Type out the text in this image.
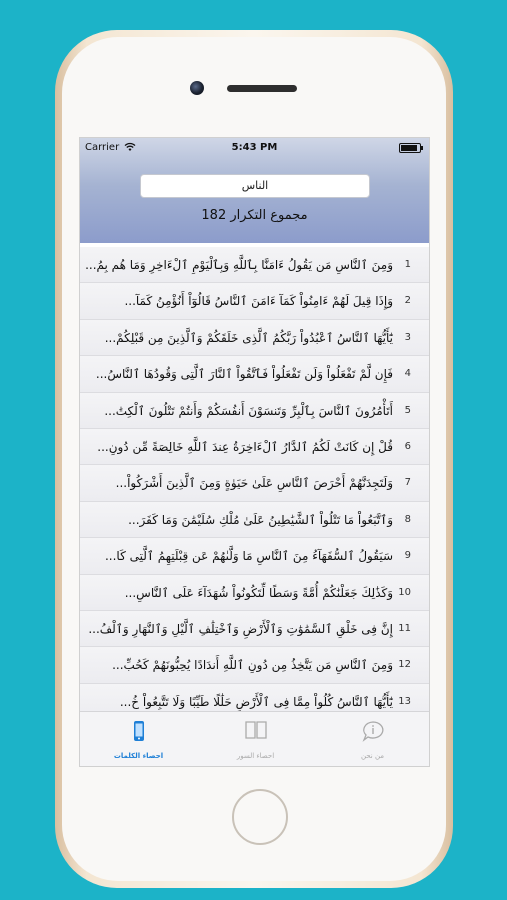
Carrier	5:43 PM
الناس
مجموع التكرار 182
1
وَمِنَ ٱلنَّاسِ مَن يَقُولُ ءَامَنَّا بِٱللَّهِ وَبِٱلْيَوْمِ ٱلْءَاخِرِ وَمَا هُم بِمُ...
2
وَإِذَا قِيلَ لَهُمْ ءَامِنُواْ كَمَآ ءَامَنَ ٱلنَّاسُ قَالُوٓاْ أَنُؤْمِنُ كَمَآ...
3
يَٰٓأَيُّهَا ٱلنَّاسُ ٱعْبُدُواْ رَبَّكُمُ ٱلَّذِى خَلَقَكُمْ وَٱلَّذِينَ مِن قَبْلِكُمْ...
4
فَإِن لَّمْ تَفْعَلُواْ وَلَن تَفْعَلُواْ فَٱتَّقُواْ ٱلنَّارَ ٱلَّتِى وَقُودُهَا ٱلنَّاسُ...
5
أَتَأْمُرُونَ ٱلنَّاسَ بِٱلْبِرِّ وَتَنسَوْنَ أَنفُسَكُمْ وَأَنتُمْ تَتْلُونَ ٱلْكِتَٰ...
6
قُلْ إِن كَانَتْ لَكُمُ ٱلدَّارُ ٱلْءَاخِرَةُ عِندَ ٱللَّهِ خَالِصَةً مِّن دُونِ...
7
وَلَتَجِدَنَّهُمْ أَحْرَصَ ٱلنَّاسِ عَلَىٰ حَيَوٰةٍ وَمِنَ ٱلَّذِينَ أَشْرَكُواْ...
8
وَٱتَّبَعُواْ مَا تَتْلُواْ ٱلشَّيَٰطِينُ عَلَىٰ مُلْكِ سُلَيْمَٰنَ وَمَا كَفَرَ...
9
سَيَقُولُ ٱلسُّفَهَآءُ مِنَ ٱلنَّاسِ مَا وَلَّىٰهُمْ عَن قِبْلَتِهِمُ ٱلَّتِى كَا...
10
وَكَذَٰلِكَ جَعَلْنَٰكُمْ أُمَّةً وَسَطًا لِّتَكُونُواْ شُهَدَآءَ عَلَى ٱلنَّاسِ...
11
إِنَّ فِى خَلْقِ ٱلسَّمَٰوَٰتِ وَٱلْأَرْضِ وَٱخْتِلَٰفِ ٱلَّيْلِ وَٱلنَّهَارِ وَٱلْفُ...
12
وَمِنَ ٱلنَّاسِ مَن يَتَّخِذُ مِن دُونِ ٱللَّهِ أَندَادًا يُحِبُّونَهُمْ كَحُبِّ...
13
يَٰٓأَيُّهَا ٱلنَّاسُ كُلُواْ مِمَّا فِى ٱلْأَرْضِ حَلَٰلًا طَيِّبًا وَلَا تَتَّبِعُواْ خُ...
احصاء الكلمات	احصاء السور	من نحن
